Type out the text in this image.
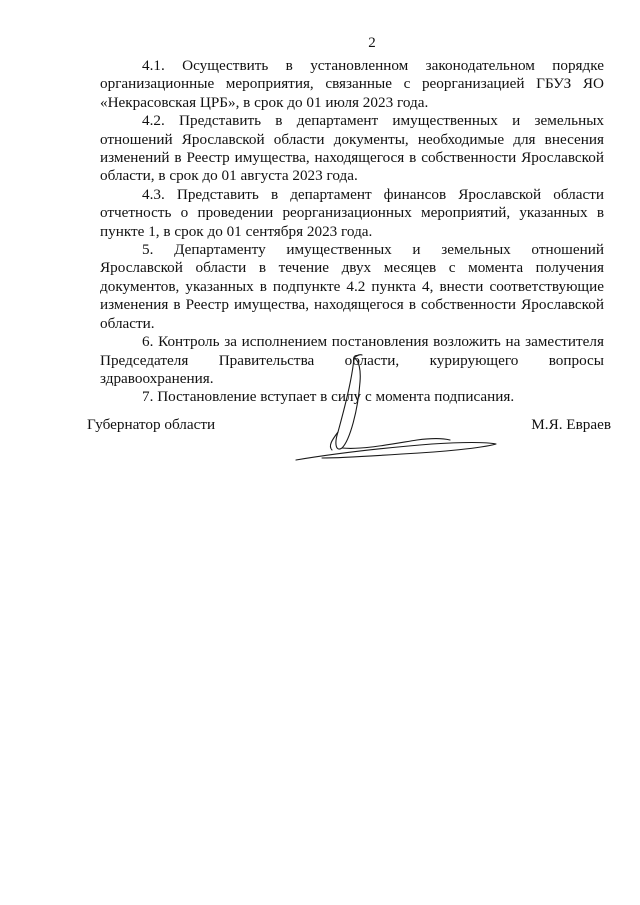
2

4.1. Осуществить в установленном законодательном порядке организационные мероприятия, связанные с реорганизацией ГБУЗ ЯО «Некрасовская ЦРБ», в срок до 01 июля 2023 года.

4.2. Представить в департамент имущественных и земельных отношений Ярославской области документы, необходимые для внесения изменений в Реестр имущества, находящегося в собственности Ярославской области, в срок до 01 августа 2023 года.

4.3. Представить в департамент финансов Ярославской области отчетность о проведении реорганизационных мероприятий, указанных в пункте 1, в срок до 01 сентября 2023 года.

5. Департаменту имущественных и земельных отношений Ярославской области в течение двух месяцев с момента получения документов, указанных в подпункте 4.2 пункта 4, внести соответствующие изменения в Реестр имущества, находящегося в собственности Ярославской области.

6. Контроль за исполнением постановления возложить на заместителя Председателя Правительства области, курирующего вопросы здравоохранения.

7. Постановление вступает в силу с момента подписания.

Губернатор области	М.Я. Евраев
